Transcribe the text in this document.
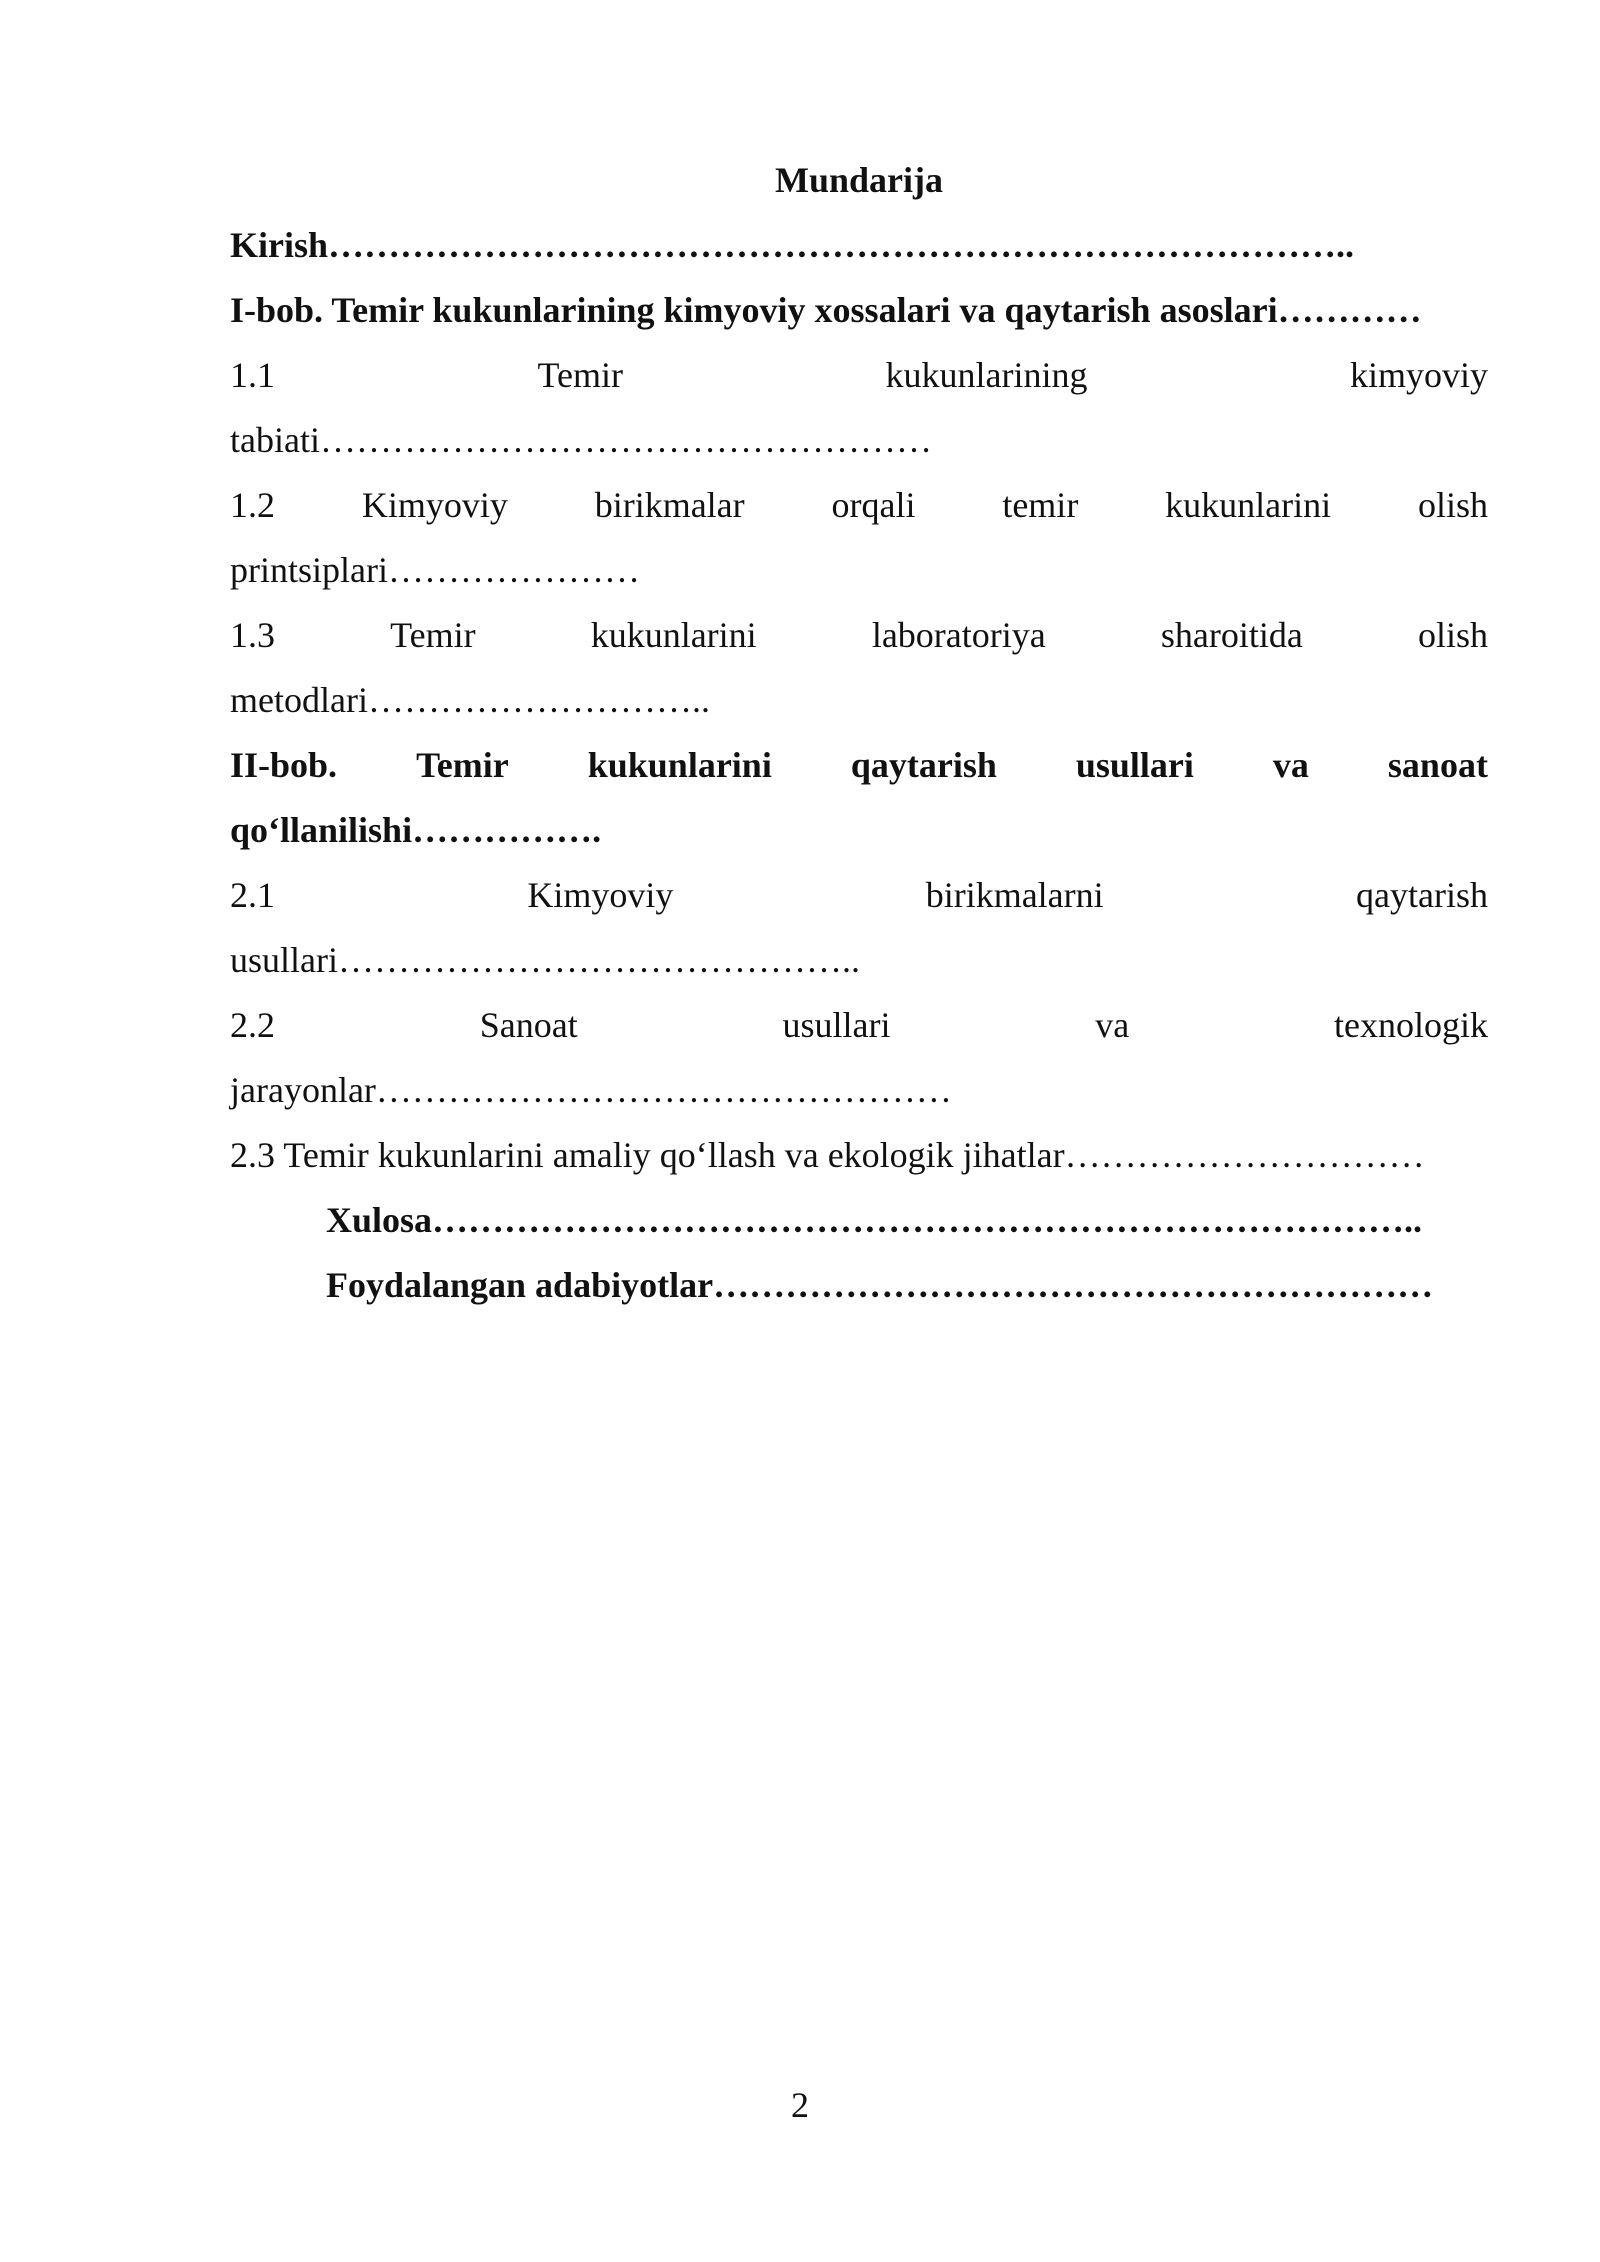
Mundarija
Kirish…………………………………………………………………………..
I-bob. Temir kukunlarining kimyoviy xossalari va qaytarish asoslari…………
1.1	Temir	kukunlarining	kimyoviy
tabiati……………………………………………
1.2 Kimyoviy birikmalar orqali temir kukunlarini olish
printsiplari…………………
1.3	Temir	kukunlarini	laboratoriya	sharoitida	olish
metodlari………………………..
II-bob. Temir kukunlarini qaytarish usullari va sanoat
qo‘llanilishi…………….
2.1	Kimyoviy	birikmalarni	qaytarish
usullari……………………………………..
2.2	Sanoat	usullari	va	texnologik
jarayonlar…………………………………………
2.3 Temir kukunlarini amaliy qo‘llash va ekologik jihatlar…………………………
Xulosa………………………………………………………………………..
Foydalangan adabiyotlar……………………………………………………
2
